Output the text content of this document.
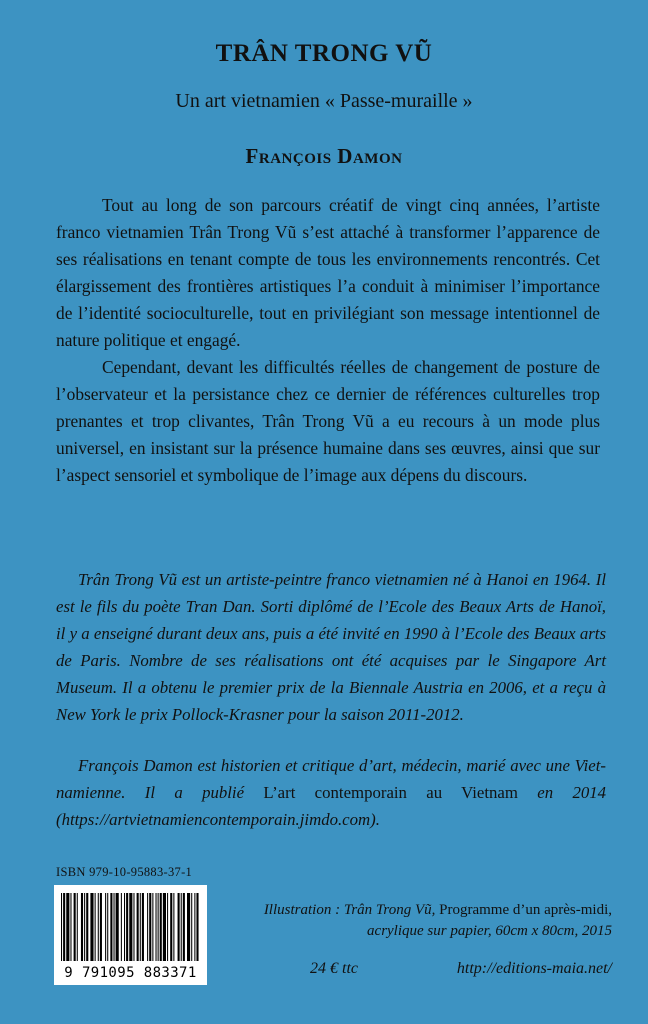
TRÂN TRONG VŨ
Un art vietnamien « Passe-muraille »
François Damon

Tout au long de son parcours créatif de vingt cinq années, l’artiste franco vietnamien Trân Trong Vũ s’est attaché à transformer l’apparence de ses réalisations en tenant compte de tous les environnements rencontrés. Cet élargissement des frontières artistiques l’a conduit à minimiser l’importance de l’identité socioculturelle, tout en privilégiant son message intentionnel de nature politique et engagé.

Cependant, devant les difficultés réelles de changement de posture de l’observateur et la persistance chez ce dernier de références culturelles trop prenantes et trop clivantes, Trân Trong Vũ a eu recours à un mode plus universel, en insistant sur la présence humaine dans ses œuvres, ainsi que sur l’aspect sensoriel et symbolique de l’image aux dépens du discours.

Trân Trong Vũ est un artiste-peintre franco vietnamien né à Hanoi en 1964. Il est le fils du poète Tran Dan. Sorti diplômé de l’Ecole des Beaux Arts de Hanoï, il y a enseigné durant deux ans, puis a été invité en 1990 à l’Ecole des Beaux arts de Paris. Nombre de ses réalisations ont été acquises par le Singapore Art Museum. Il a obtenu le premier prix de la Biennale Austria en 2006, et a reçu à New York le prix Pollock-Krasner pour la saison 2011-2012.

François Damon est historien et critique d’art, médecin, marié avec une Vietnamienne. Il a publié L’art contemporain au Vietnam en 2014 (https://artvietnamiencontemporain.jimdo.com).

ISBN 979-10-95883-37-1
9 791095 883371
Illustration : Trân Trong Vũ, Programme d’un après-midi,
acrylique sur papier, 60cm x 80cm, 2015
24 € ttc	http://editions-maia.net/
